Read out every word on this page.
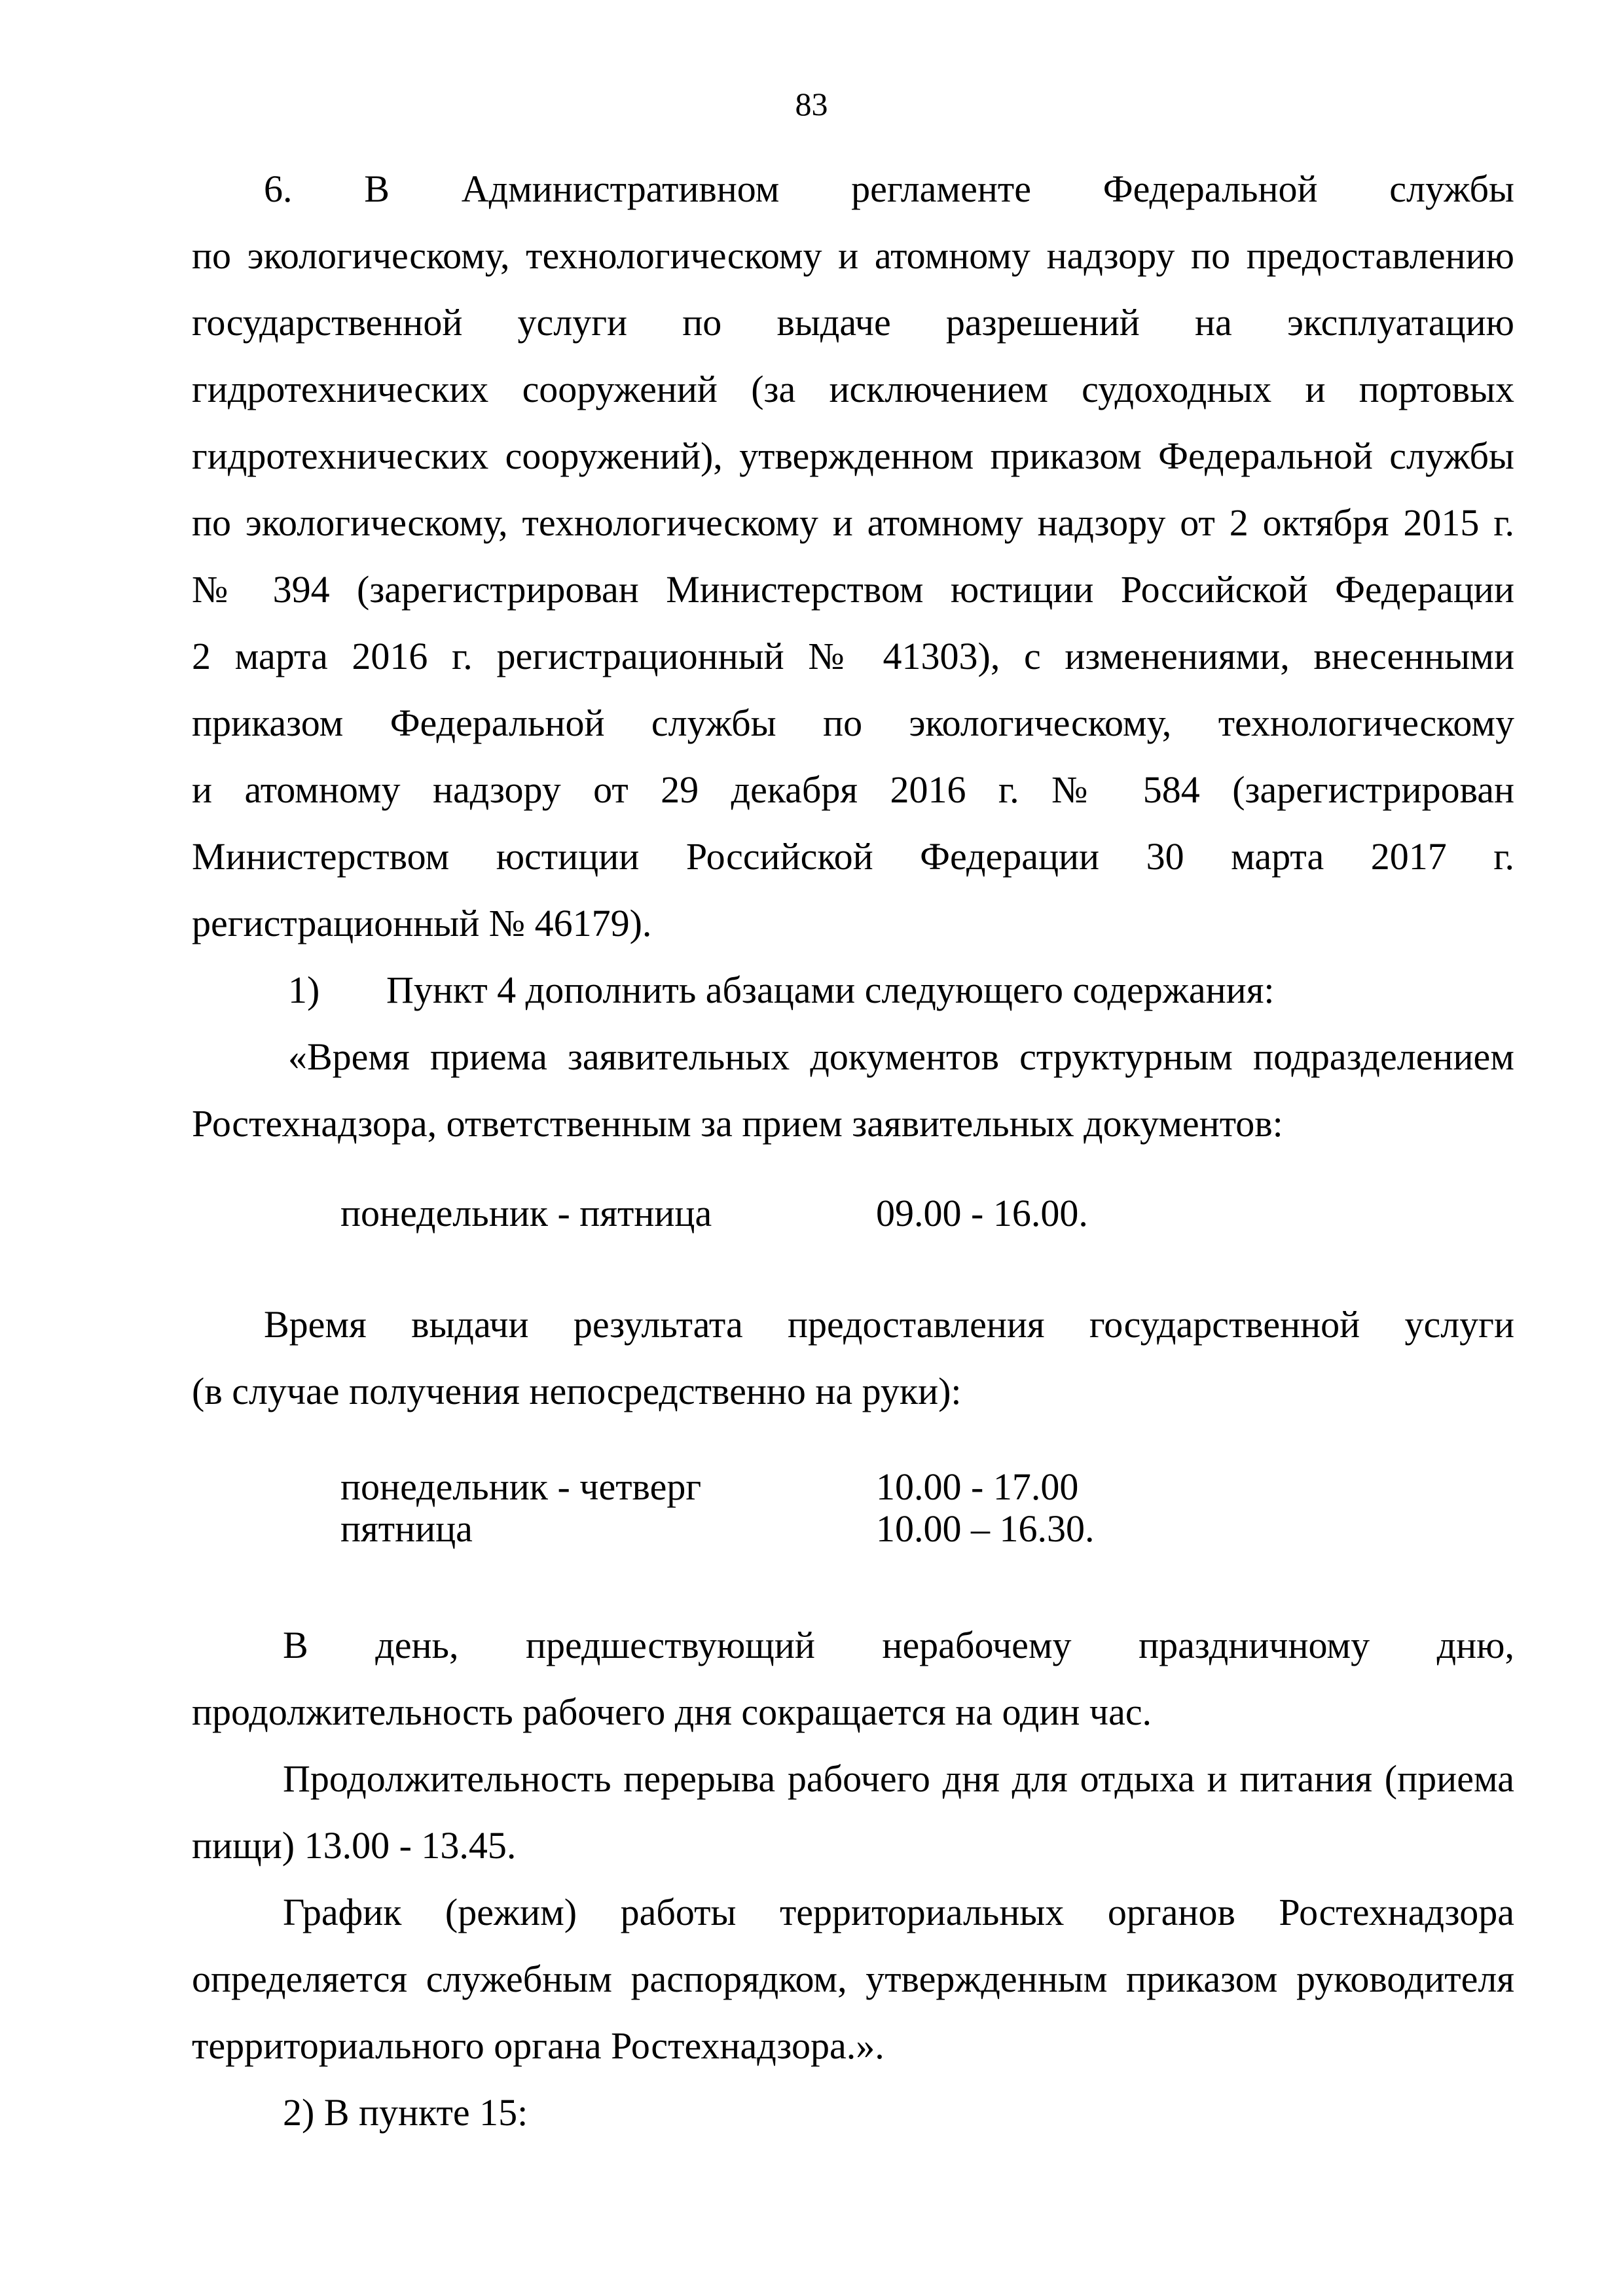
83
6. В Административном регламенте Федеральной службы
по экологическому, технологическому и атомному надзору по предоставлению
государственной услуги по выдаче разрешений на эксплуатацию
гидротехнических сооружений (за исключением судоходных и портовых
гидротехнических сооружений), утвержденном приказом Федеральной службы
по экологическому, технологическому и атомному надзору от 2 октября 2015 г.
№ 394 (зарегистрирован Министерством юстиции Российской Федерации
2 марта 2016 г. регистрационный № 41303), с изменениями, внесенными
приказом Федеральной службы по экологическому, технологическому
и атомному надзору от 29 декабря 2016 г. № 584 (зарегистрирован
Министерством юстиции Российской Федерации 30 марта 2017 г.
регистрационный № 46179).
1) Пункт 4 дополнить абзацами следующего содержания:
«Время приема заявительных документов структурным подразделением
Ростехнадзора, ответственным за прием заявительных документов:
понедельник - пятница	09.00 - 16.00.
Время выдачи результата предоставления государственной услуги
(в случае получения непосредственно на руки):
понедельник - четверг	10.00 - 17.00
пятница	10.00 – 16.30.
В день, предшествующий нерабочему праздничному дню,
продолжительность рабочего дня сокращается на один час.
Продолжительность перерыва рабочего дня для отдыха и питания (приема
пищи) 13.00 - 13.45.
График (режим) работы территориальных органов Ростехнадзора
определяется служебным распорядком, утвержденным приказом руководителя
территориального органа Ростехнадзора.».
2) В пункте 15:
